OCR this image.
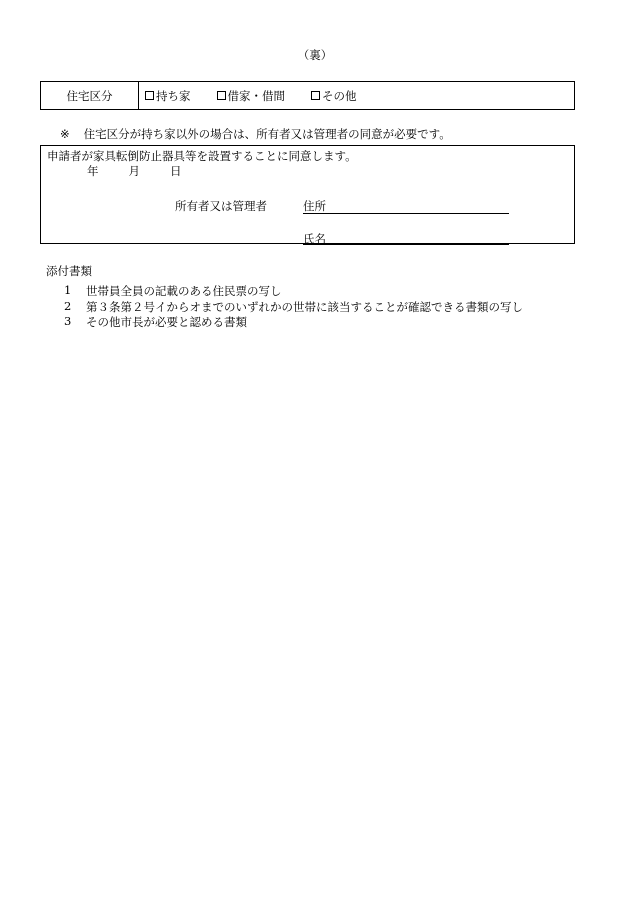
（裏）
住宅区分	持ち家	借家・借間	その他
※ 住宅区分が持ち家以外の場合は、所有者又は管理者の同意が必要です。
申請者が家具転倒防止器具等を設置することに同意します。
年	月	日
所有者又は管理者	住所
氏名
添付書類
1	世帯員全員の記載のある住民票の写し
2	第３条第２号イからオまでのいずれかの世帯に該当することが確認できる書類の写し
3	その他市長が必要と認める書類
